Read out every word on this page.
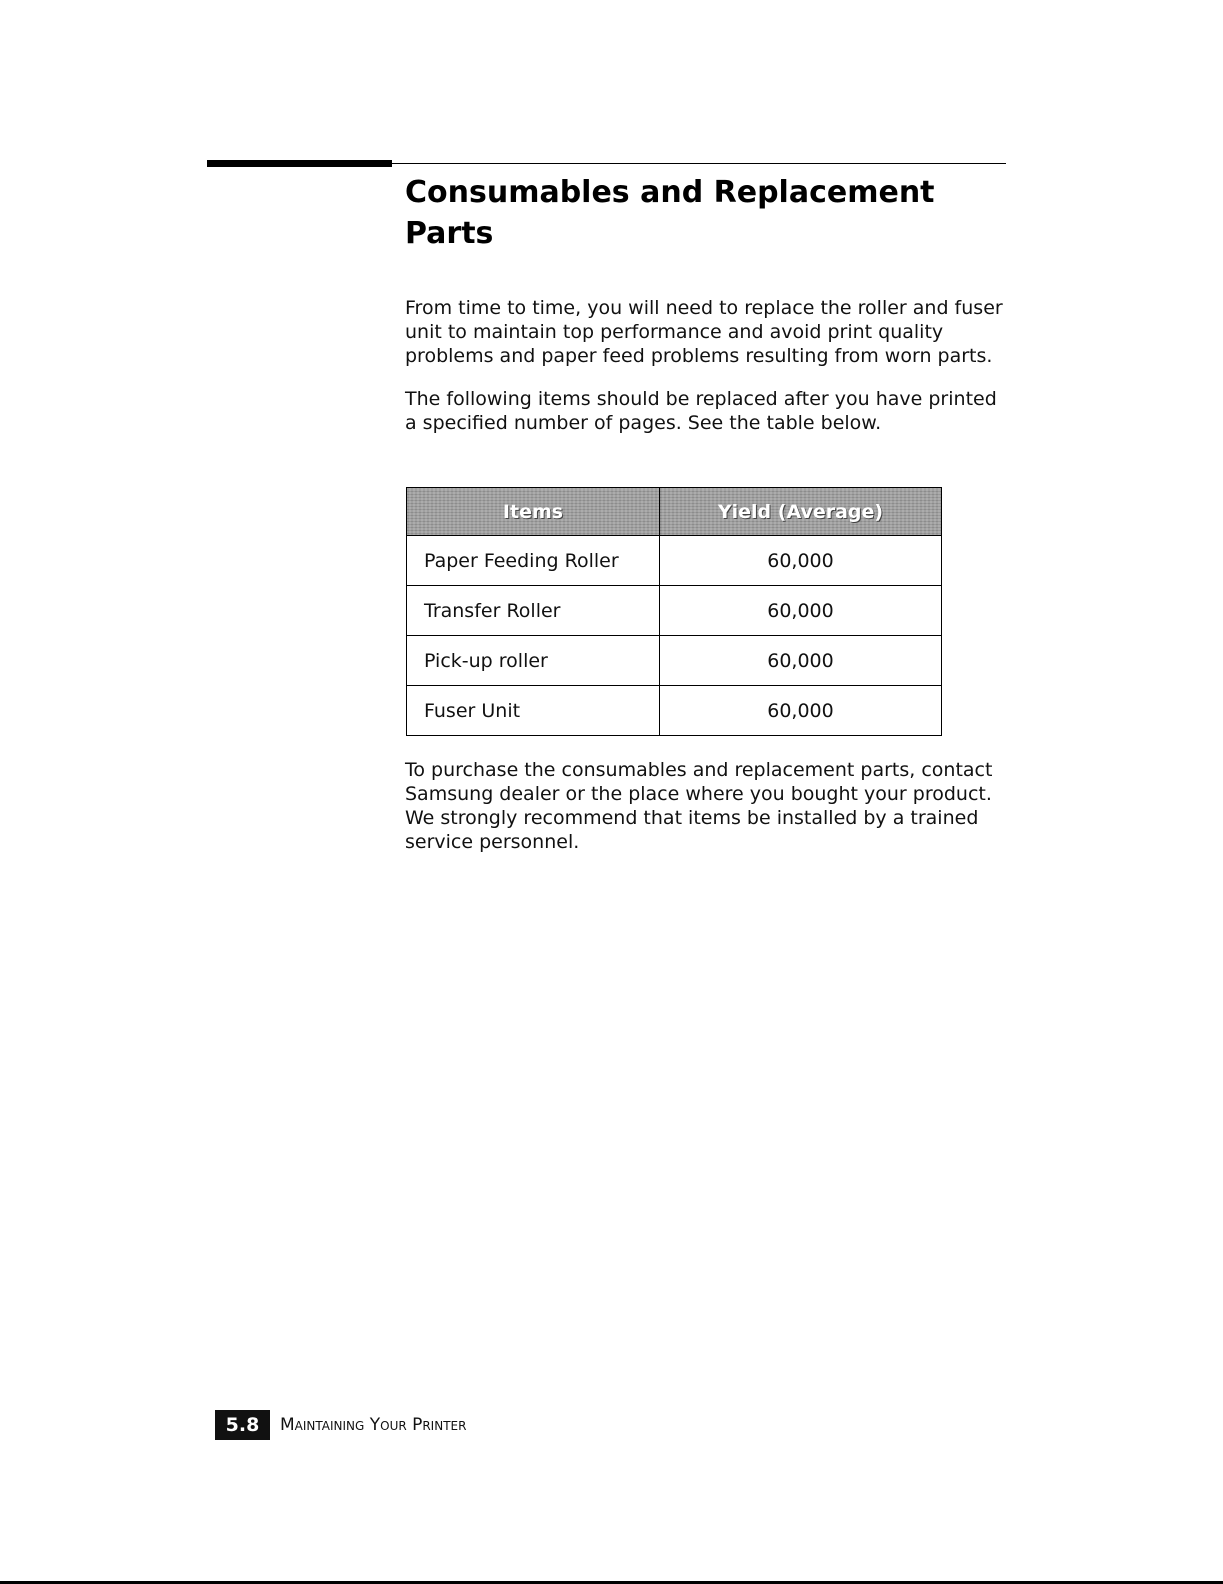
Consumables and Replacement Parts

From time to time, you will need to replace the roller and fuser unit to maintain top performance and avoid print quality problems and paper feed problems resulting from worn parts.

The following items should be replaced after you have printed a specified number of pages. See the table below.

Items	Yield (Average)
Paper Feeding Roller	60,000
Transfer Roller	60,000
Pick-up roller	60,000
Fuser Unit	60,000

To purchase the consumables and replacement parts, contact Samsung dealer or the place where you bought your product. We strongly recommend that items be installed by a trained service personnel.

5.8	Maintaining Your Printer
